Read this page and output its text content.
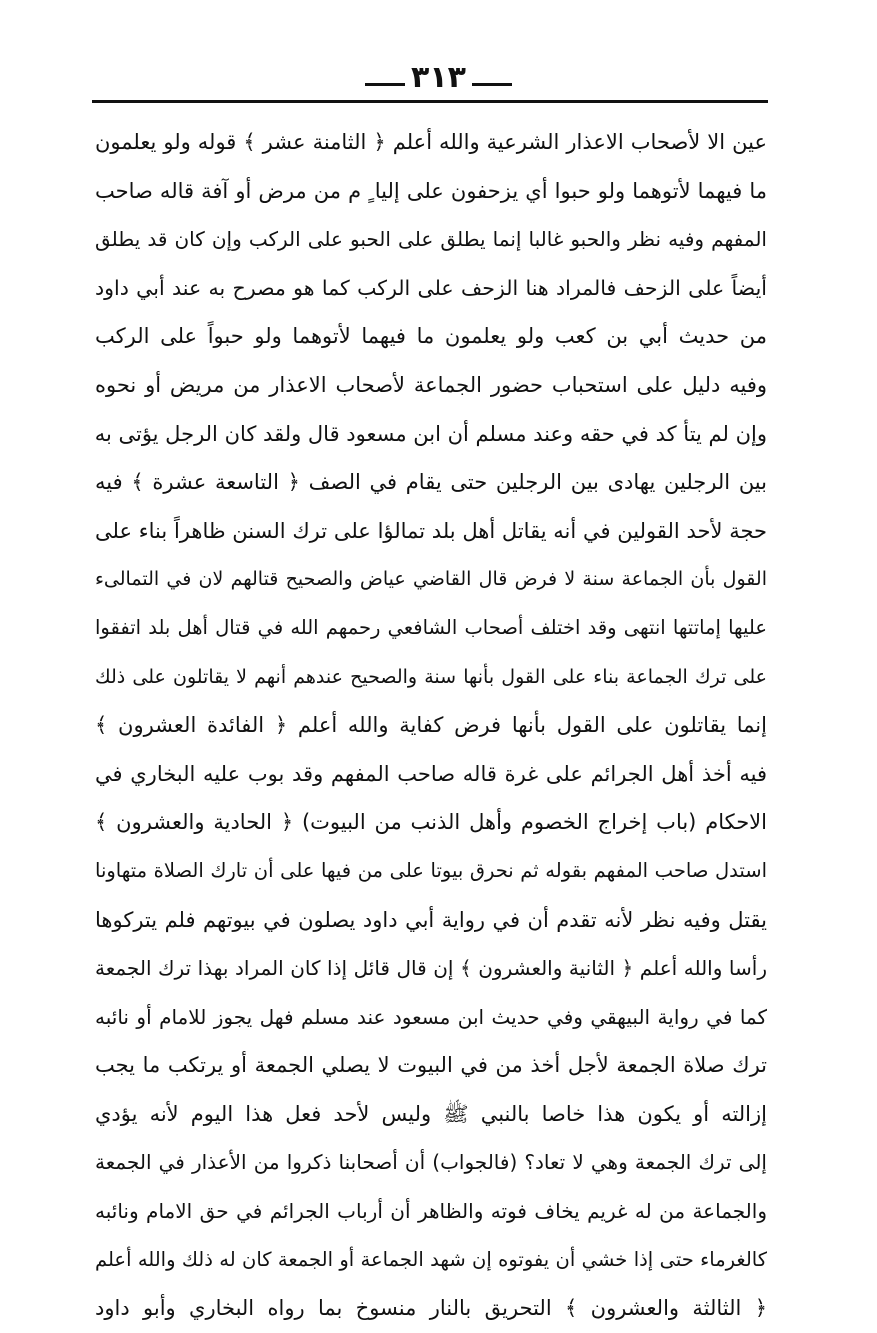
٣١٣
عين الا لأصحاب الاعذار الشرعية والله أعلم ﴿ الثامنة عشر ﴾ قوله ولو يعلمون
ما فيهما لأتوهما ولو حبوا أي يزحفون على إليا ٍ م من مرض أو آفة قاله صاحب
المفهم وفيه نظر والحبو غالبا إنما يطلق على الحبو على الركب وإن كان قد يطلق
أيضاً على الزحف فالمراد هنا الزحف على الركب كما هو مصرح به عند أبي داود
من حديث أبي بن كعب ولو يعلمون ما فيهما لأتوهما ولو حبواً على الركب
وفيه دليل على استحباب حضور الجماعة لأصحاب الاعذار من مريض أو نحوه
وإن لم يتأ كد في حقه وعند مسلم أن ابن مسعود قال ولقد كان الرجل يؤتى به
بين الرجلين يهادى بين الرجلين حتى يقام في الصف ﴿ التاسعة عشرة ﴾ فيه
حجة لأحد القولين في أنه يقاتل أهل بلد تمالؤا على ترك السنن ظاهراً بناء على
القول بأن الجماعة سنة لا فرض قال القاضي عياض والصحيح قتالهم لان في التمالىء
عليها إماتتها انتهى وقد اختلف أصحاب الشافعي رحمهم الله في قتال أهل بلد اتفقوا
على ترك الجماعة بناء على القول بأنها سنة والصحيح عندهم أنهم لا يقاتلون على ذلك
إنما يقاتلون على القول بأنها فرض كفاية والله أعلم ﴿ الفائدة العشرون ﴾
فيه أخذ أهل الجرائم على غرة قاله صاحب المفهم وقد بوب عليه البخاري في
الاحكام (باب إخراج الخصوم وأهل الذنب من البيوت) ﴿ الحادية والعشرون ﴾
استدل صاحب المفهم بقوله ثم نحرق بيوتا على من فيها على أن تارك الصلاة متهاونا
يقتل وفيه نظر لأنه تقدم أن في رواية أبي داود يصلون في بيوتهم فلم يتركوها
رأسا والله أعلم ﴿ الثانية والعشرون ﴾ إن قال قائل إذا كان المراد بهذا ترك الجمعة
كما في رواية البيهقي وفي حديث ابن مسعود عند مسلم فهل يجوز للامام أو نائبه
ترك صلاة الجمعة لأجل أخذ من في البيوت لا يصلي الجمعة أو يرتكب ما يجب
إزالته أو يكون هذا خاصا بالنبي ﷺ وليس لأحد فعل هذا اليوم لأنه يؤدي
إلى ترك الجمعة وهي لا تعاد؟ (فالجواب) أن أصحابنا ذكروا من الأعذار في الجمعة
والجماعة من له غريم يخاف فوته والظاهر أن أرباب الجرائم في حق الامام ونائبه
كالغرماء حتى إذا خشي أن يفوتوه إن شهد الجماعة أو الجمعة كان له ذلك والله أعلم
﴿ الثالثة والعشرون ﴾ التحريق بالنار منسوخ بما رواه البخاري وأبو داود
